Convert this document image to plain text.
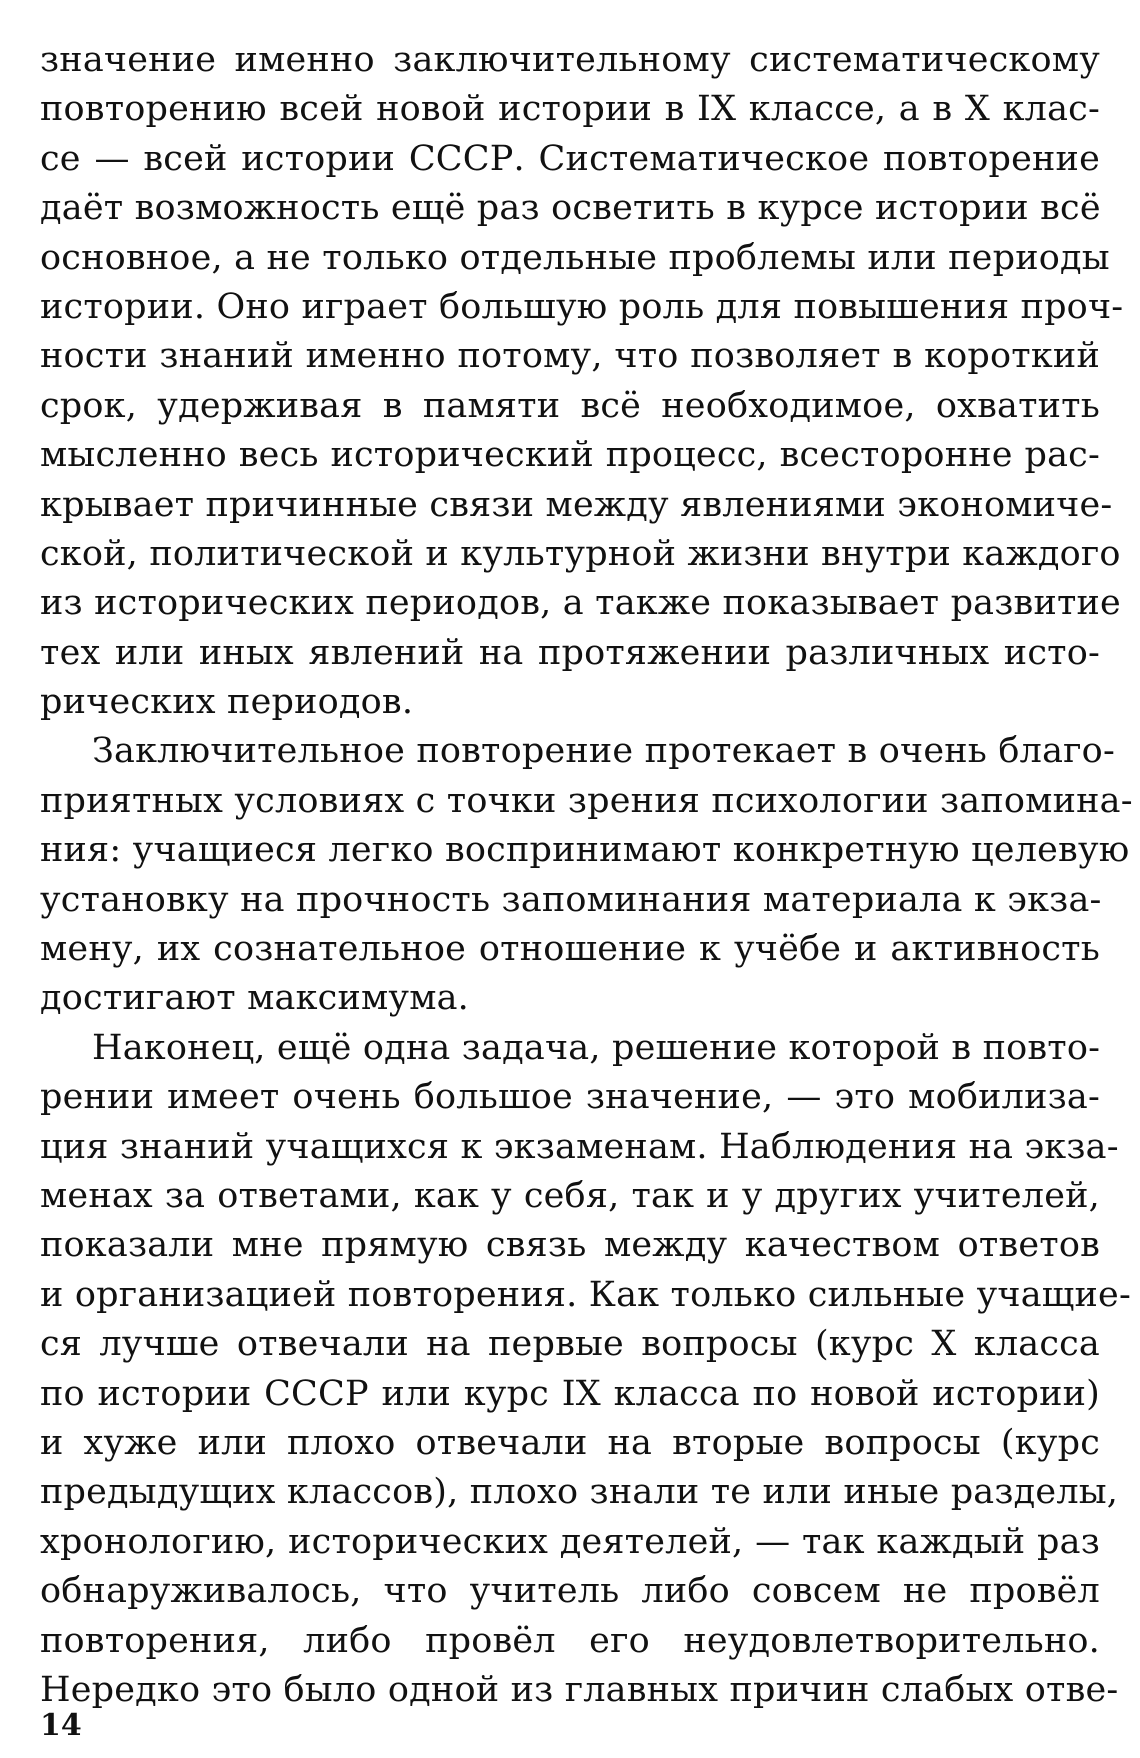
значение именно заключительному систематическому
повторению всей новой истории в IX классе, а в X клас-
се — всей истории СССР. Систематическое повторение
даёт возможность ещё раз осветить в курсе истории всё
основное, а не только отдельные проблемы или периоды
истории. Оно играет большую роль для повышения проч-
ности знаний именно потому, что позволяет в короткий
срок, удерживая в памяти всё необходимое, охватить
мысленно весь исторический процесс, всесторонне рас-
крывает причинные связи между явлениями экономиче-
ской, политической и культурной жизни внутри каждого
из исторических периодов, а также показывает развитие
тех или иных явлений на протяжении различных исто-
рических периодов.
Заключительное повторение протекает в очень благо-
приятных условиях с точки зрения психологии запомина-
ния: учащиеся легко воспринимают конкретную целевую
установку на прочность запоминания материала к экза-
мену, их сознательное отношение к учёбе и активность
достигают максимума.
Наконец, ещё одна задача, решение которой в повто-
рении имеет очень большое значение, — это мобилиза-
ция знаний учащихся к экзаменам. Наблюдения на экза-
менах за ответами, как у себя, так и у других учителей,
показали мне прямую связь между качеством ответов
и организацией повторения. Как только сильные учащие-
ся лучше отвечали на первые вопросы (курс X класса
по истории СССР или курс IX класса по новой истории)
и хуже или плохо отвечали на вторые вопросы (курс
предыдущих классов), плохо знали те или иные разделы,
хронологию, исторических деятелей, — так каждый раз
обнаруживалось, что учитель либо совсем не провёл
повторения, либо провёл его неудовлетворительно.
Нередко это было одной из главных причин слабых отве-
14
